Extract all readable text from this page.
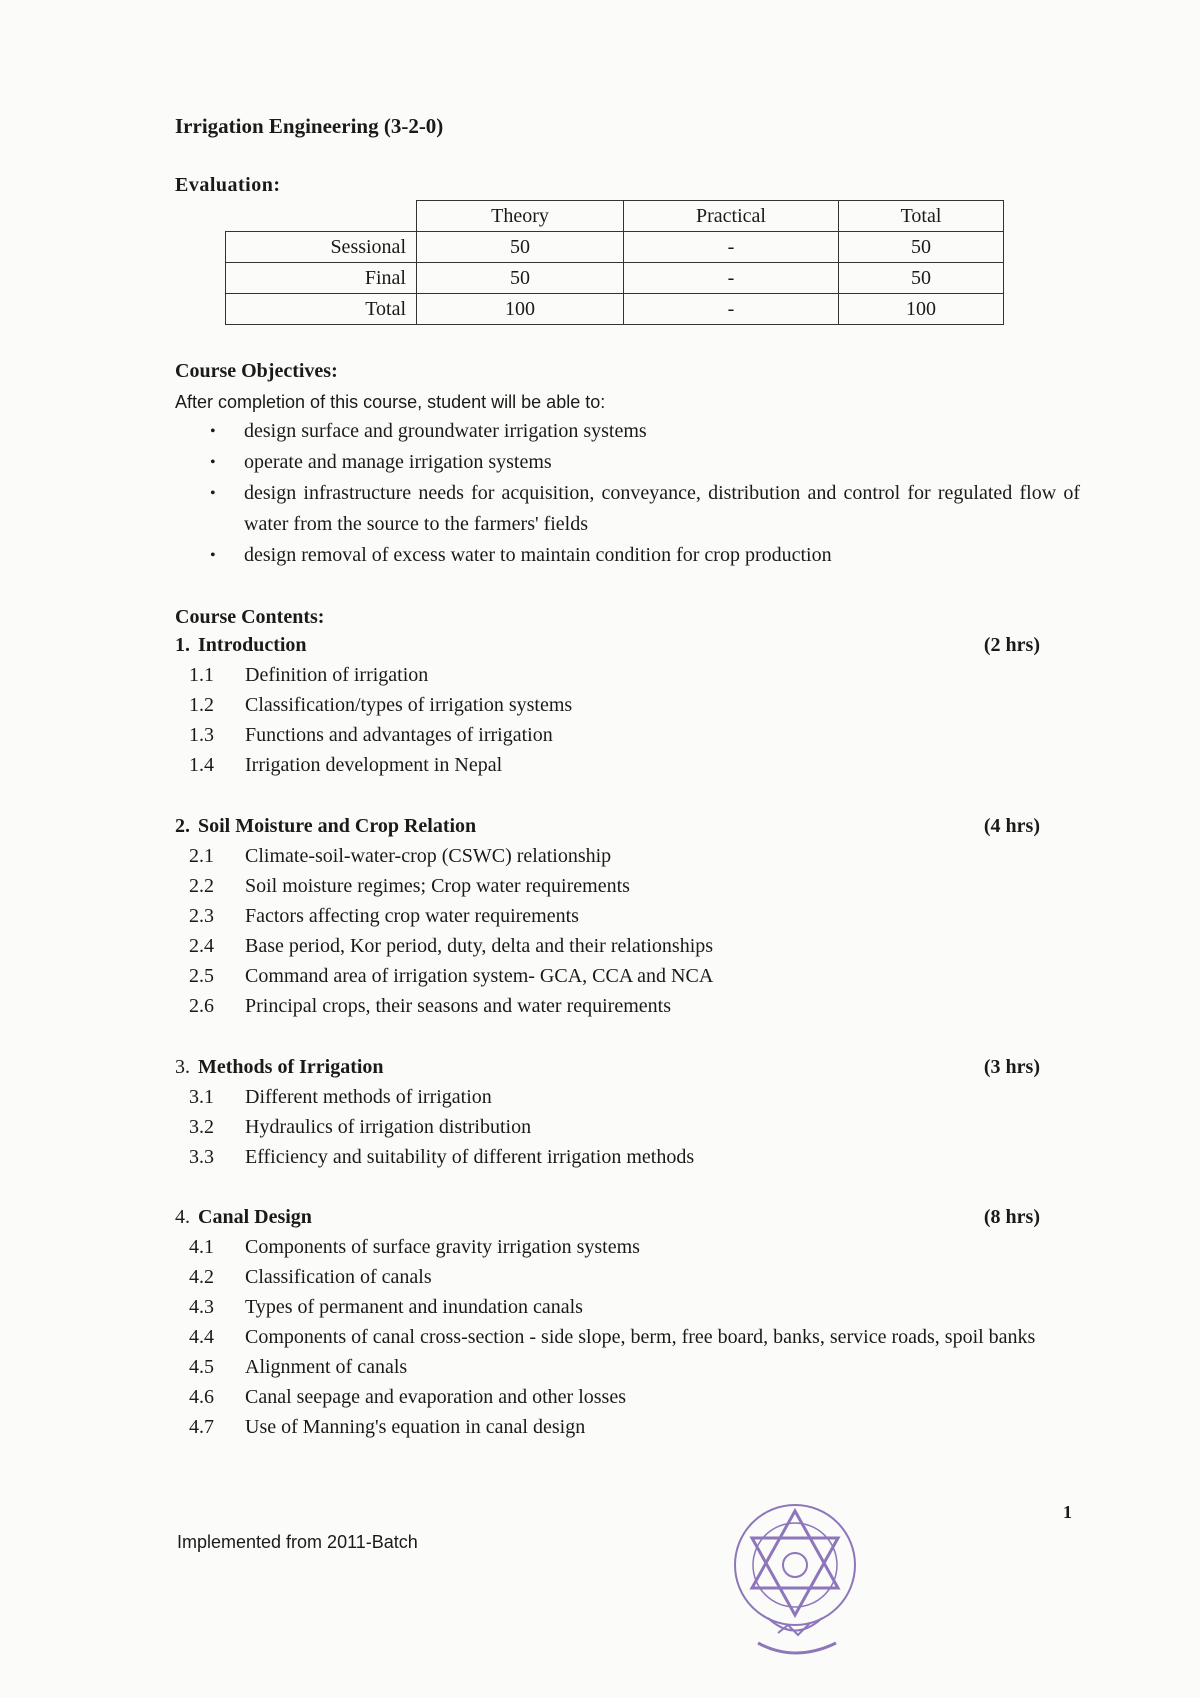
Irrigation Engineering (3-2-0)
Evaluation:
	Theory	Practical	Total
Sessional	50	-	50
Final	50	-	50
Total	100	-	100
Course Objectives:
After completion of this course, student will be able to:
• design surface and groundwater irrigation systems
• operate and manage irrigation systems
• design infrastructure needs for acquisition, conveyance, distribution and control for regulated flow of water from the source to the farmers' fields
• design removal of excess water to maintain condition for crop production
Course Contents:
1. Introduction	(2 hrs)
1.1 Definition of irrigation
1.2 Classification/types of irrigation systems
1.3 Functions and advantages of irrigation
1.4 Irrigation development in Nepal
2. Soil Moisture and Crop Relation	(4 hrs)
2.1 Climate-soil-water-crop (CSWC) relationship
2.2 Soil moisture regimes; Crop water requirements
2.3 Factors affecting crop water requirements
2.4 Base period, Kor period, duty, delta and their relationships
2.5 Command area of irrigation system- GCA, CCA and NCA
2.6 Principal crops, their seasons and water requirements
3. Methods of Irrigation	(3 hrs)
3.1 Different methods of irrigation
3.2 Hydraulics of irrigation distribution
3.3 Efficiency and suitability of different irrigation methods
4. Canal Design	(8 hrs)
4.1 Components of surface gravity irrigation systems
4.2 Classification of canals
4.3 Types of permanent and inundation canals
4.4 Components of canal cross-section - side slope, berm, free board, banks, service roads, spoil banks
4.5 Alignment of canals
4.6 Canal seepage and evaporation and other losses
4.7 Use of Manning's equation in canal design
1
Implemented from 2011-Batch
